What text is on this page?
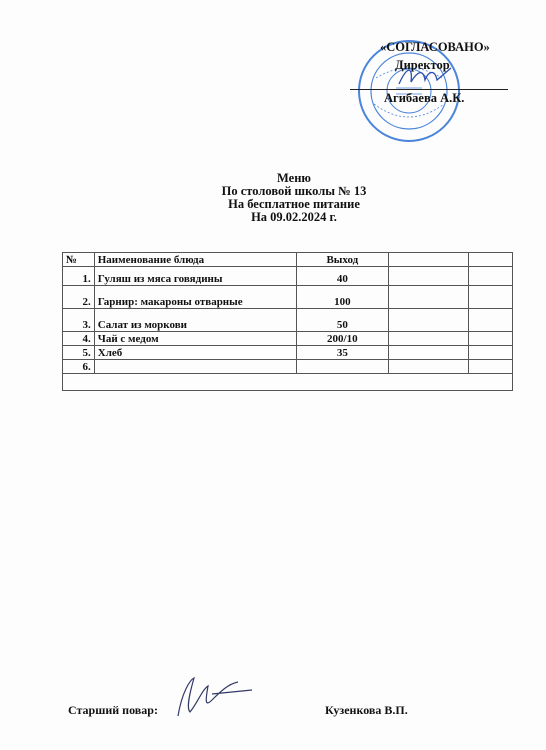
«СОГЛАСОВАНО»
Директор
Агибаева А.К.
Меню
По столовой школы № 13
На бесплатное питание
На 09.02.2024 г.
№	Наименование блюда	Выход		
1.	Гуляш из мяса говядины	40		
2.	Гарнир: макароны отварные	100		
3.	Салат из моркови	50		
4.	Чай с медом	200/10		
5.	Хлеб	35		
6.				

Старший повар:	Кузенкова В.П.
